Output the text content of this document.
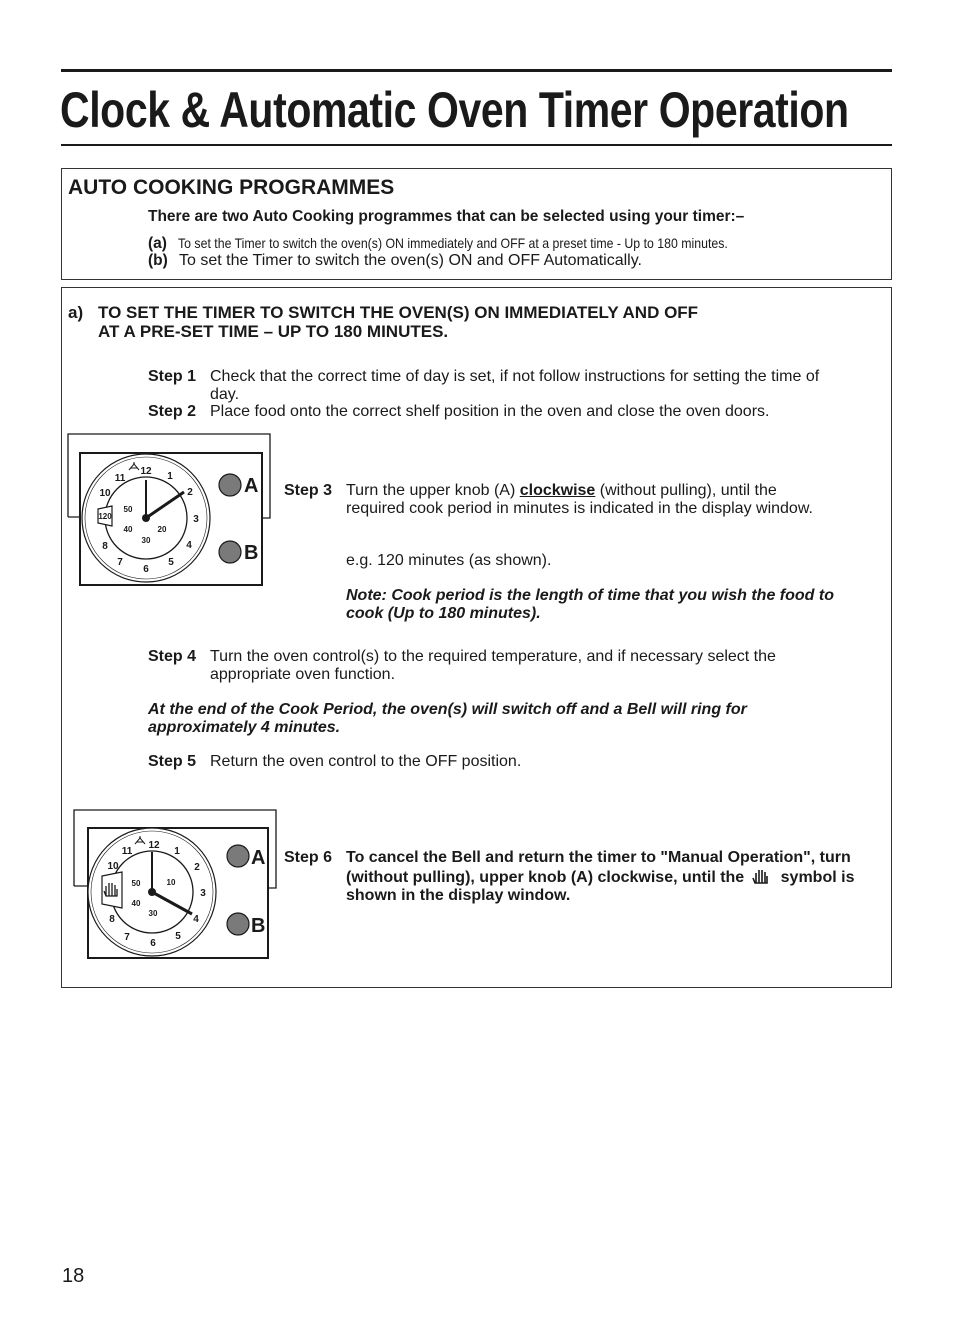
Clock & Automatic Oven Timer Operation
AUTO COOKING PROGRAMMES
There are two Auto Cooking programmes that can be selected using your timer:–
(a) To set the Timer to switch the oven(s) ON immediately and OFF at a preset time - Up to 180 minutes.
(b) To set the Timer to switch the oven(s) ON and OFF Automatically.
a) TO SET THE TIMER TO SWITCH THE OVEN(S) ON IMMEDIATELY AND OFF
AT A PRE-SET TIME – UP TO 180 MINUTES.
Step 1 Check that the correct time of day is set, if not follow instructions for setting the time of day.
Step 2 Place food onto the correct shelf position in the oven and close the oven doors.
12 1
2
3
4
5
6
7
8
10
11
50
40
30
20
120
A
B
Step 3 Turn the upper knob (A) clockwise (without pulling), until the required cook period in minutes is indicated in the display window.
e.g. 120 minutes (as shown).
Note: Cook period is the length of time that you wish the food to cook (Up to 180 minutes).
Step 4 Turn the oven control(s) to the required temperature, and if necessary select the appropriate oven function.
At the end of the Cook Period, the oven(s) will switch off and a Bell will ring for approximately 4 minutes.
Step 5 Return the oven control to the OFF position.
12
1
2
3
4
5
6
7
8
10
11
50
40
30
10
A
B
Step 6 To cancel the Bell and return the timer to "Manual Operation", turn (without pulling), upper knob (A) clockwise, until the symbol is shown in the display window.
18
